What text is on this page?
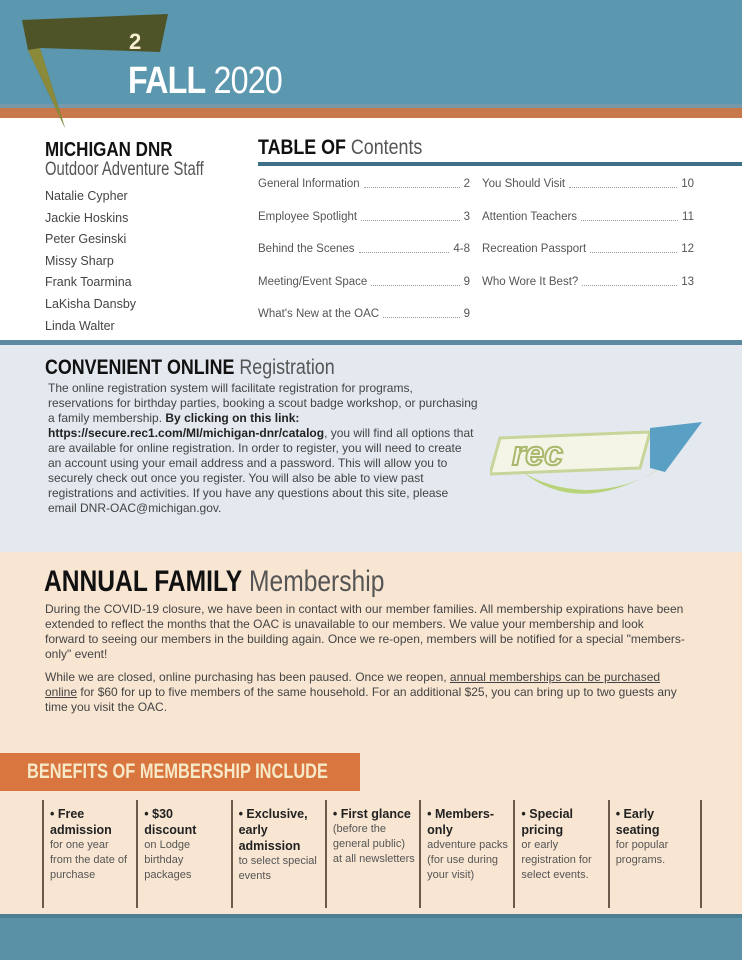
2
FALL 2020
MICHIGAN DNR
Outdoor Adventure Staff
Natalie Cypher
Jackie Hoskins
Peter Gesinski
Missy Sharp
Frank Toarmina
LaKisha Dansby
Linda Walter
TABLE OF Contents
General Information	2
Employee Spotlight	3
Behind the Scenes	4-8
Meeting/Event Space	9
What's New at the OAC	9
You Should Visit	10
Attention Teachers	11
Recreation Passport	12
Who Wore It Best?	13
CONVENIENT ONLINE Registration
The online registration system will facilitate registration for programs, reservations for birthday parties, booking a scout badge workshop, or purchasing a family membership. By clicking on this link: https://secure.rec1.com/MI/michigan-dnr/catalog, you will find all options that are available for online registration. In order to register, you will need to create an account using your email address and a password. This will allow you to securely check out once you register. You will also be able to view past registrations and activities. If you have any questions about this site, please email DNR-OAC@michigan.gov.
rec
ANNUAL FAMILY Membership

During the COVID-19 closure, we have been in contact with our member families. All membership expirations have been extended to reflect the months that the OAC is unavailable to our members. We value your membership and look forward to seeing our members in the building again. Once we re-open, members will be notified for a special "members-only" event!

While we are closed, online purchasing has been paused. Once we reopen, annual memberships can be purchased online for $60 for up to five members of the same household. For an additional $25, you can bring up to two guests any time you visit the OAC.

BENEFITS OF MEMBERSHIP INCLUDE
• Free admission
for one year from the date of purchase
• $30 discount
on Lodge birthday packages
• Exclusive, early admission
to select special events
• First glance
(before the general public) at all newsletters
• Members-only
adventure packs (for use during your visit)
• Special pricing
or early registration for select events.
• Early seating
for popular programs.
